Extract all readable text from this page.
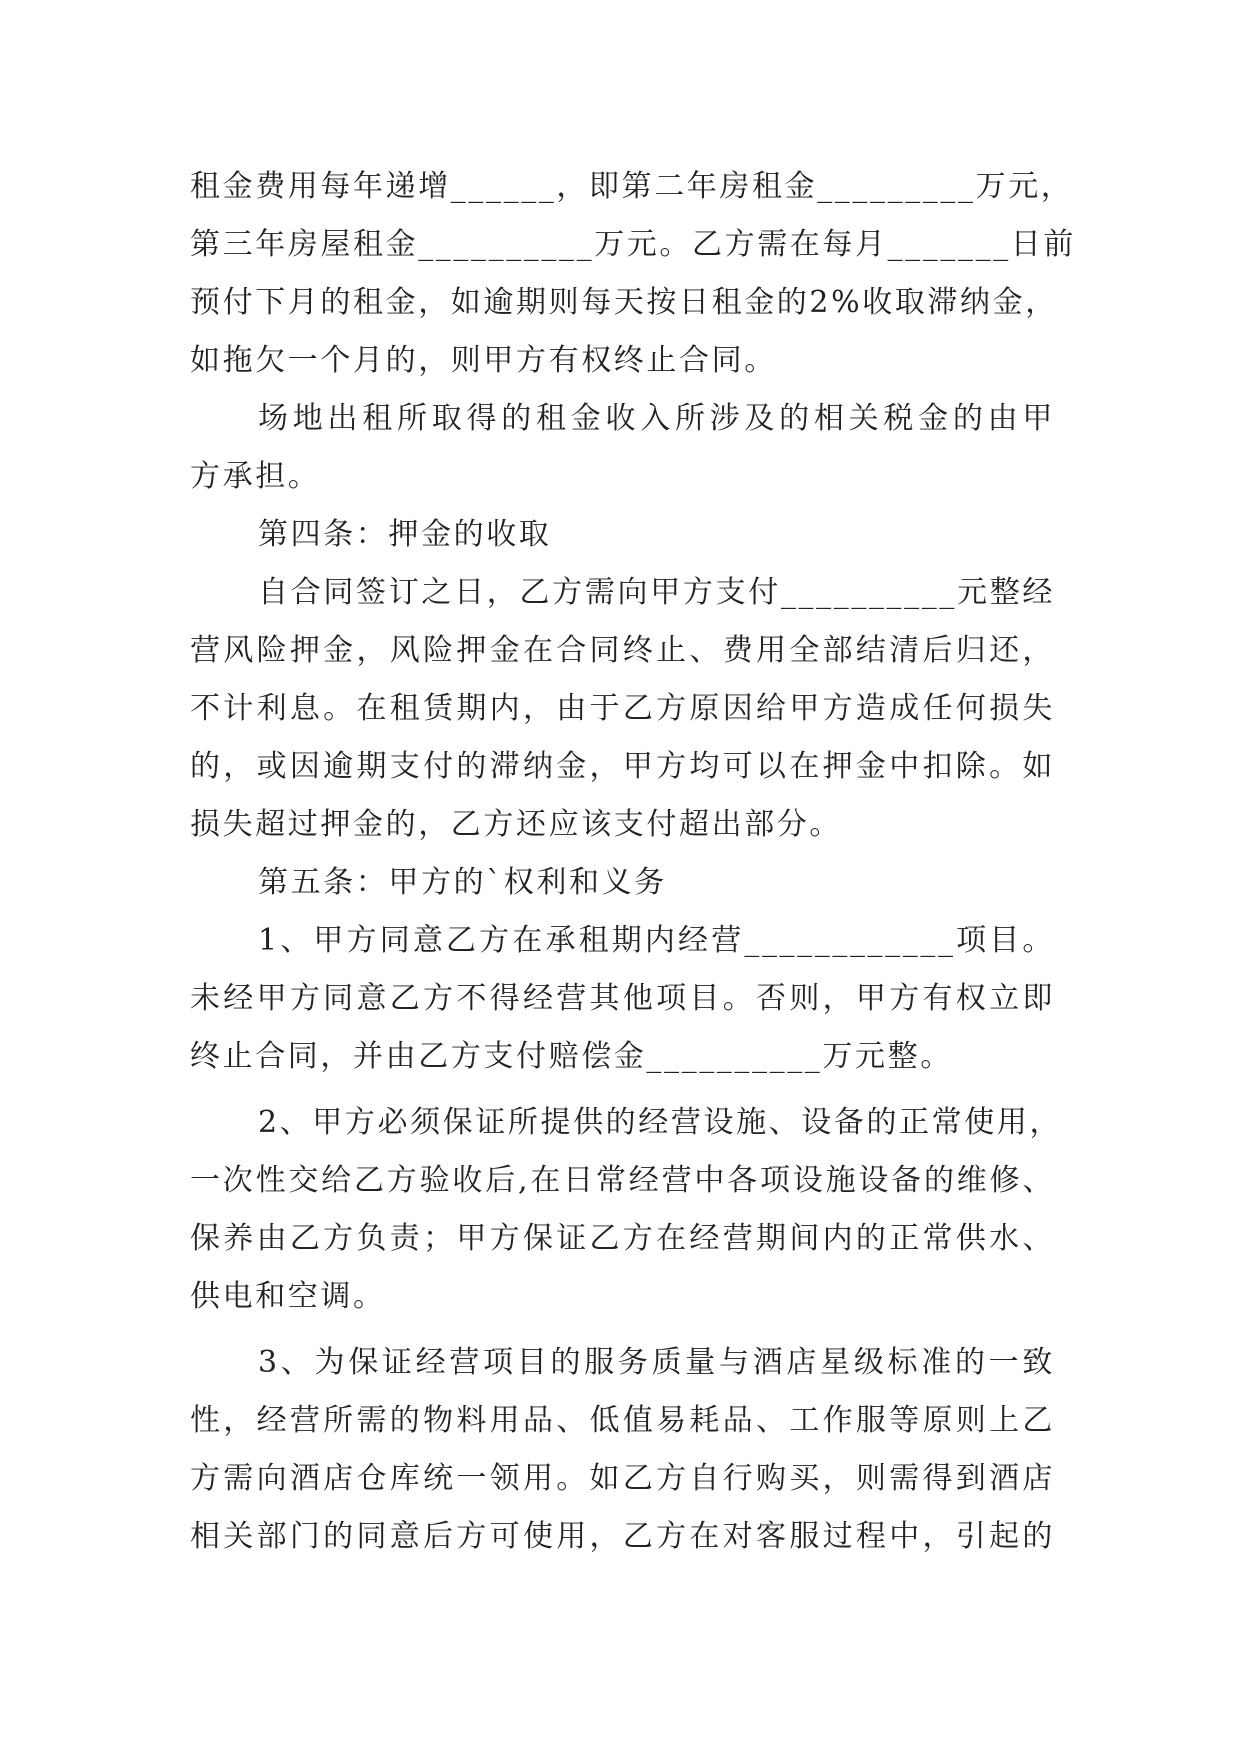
租金费用每年递增______，即第二年房租金_________万元，
第三年房屋租金__________万元。乙方需在每月_______日前
预付下月的租金，如逾期则每天按日租金的2%收取滞纳金，
如拖欠一个月的，则甲方有权终止合同。
场地出租所取得的租金收入所涉及的相关税金的由甲
方承担。
第四条：押金的收取
自合同签订之日，乙方需向甲方支付__________元整经
营风险押金，风险押金在合同终止、费用全部结清后归还，
不计利息。在租赁期内，由于乙方原因给甲方造成任何损失
的，或因逾期支付的滞纳金，甲方均可以在押金中扣除。如
损失超过押金的，乙方还应该支付超出部分。
第五条：甲方的`权利和义务
1、甲方同意乙方在承租期内经营____________项目。
未经甲方同意乙方不得经营其他项目。否则，甲方有权立即
终止合同，并由乙方支付赔偿金__________万元整。
2、甲方必须保证所提供的经营设施、设备的正常使用，
一次性交给乙方验收后,在日常经营中各项设施设备的维修、
保养由乙方负责；甲方保证乙方在经营期间内的正常供水、
供电和空调。
3、为保证经营项目的服务质量与酒店星级标准的一致
性，经营所需的物料用品、低值易耗品、工作服等原则上乙
方需向酒店仓库统一领用。如乙方自行购买，则需得到酒店
相关部门的同意后方可使用，乙方在对客服过程中，引起的
